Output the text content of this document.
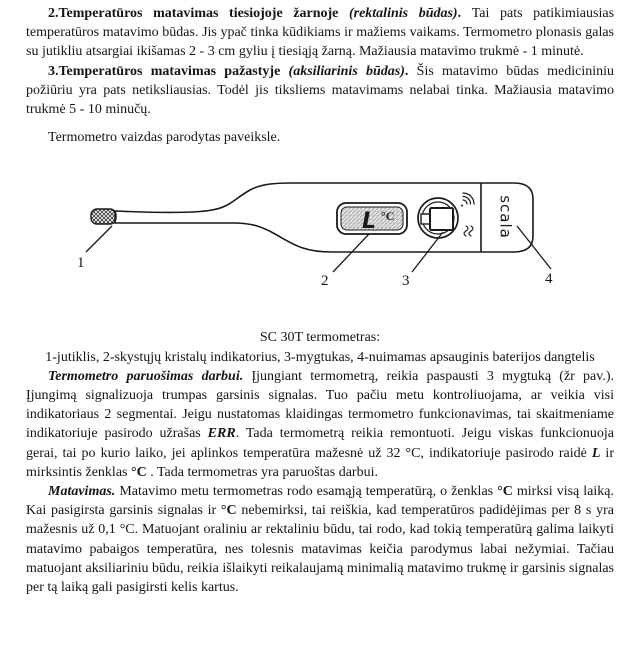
2.Temperatūros matavimas tiesiojoje žarnoje (rektalinis būdas). Tai pats patikimiausias temperatūros matavimo būdas. Jis ypač tinka kūdikiams ir mažiems vaikams. Termometro plonasis galas su jutikliu atsargiai ikišamas 2 - 3 cm gyliu į tiesiąją žarną. Mažiausia matavimo trukmė - 1 minutė.

3.Temperatūros matavimas pažastyje (aksiliarinis būdas). Šis matavimo būdas medicininiu požiūriu yra pats netiksliausias. Todėl jis tiksliems matavimams nelabai tinka. Mažiausia matavimo trukmė 5 - 10 minučų.

Termometro vaizdas parodytas paveiksle.

L °C	scala
1
2	3	4
SC 30T termometras:
1-jutiklis, 2-skystųjų kristalų indikatorius, 3-mygtukas, 4-nuimamas apsauginis baterijos dangtelis

Termometro paruošimas darbui. Įjungiant termometrą, reikia paspausti 3 mygtuką (žr pav.). Įjungimą signalizuoja trumpas garsinis signalas. Tuo pačiu metu kontroliuojama, ar veikia visi indikatoriaus 2 segmentai. Jeigu nustatomas klaidingas termometro funkcionavimas, tai skaitmeniame indikatoriuje pasirodo užrašas ERR. Tada termometrą reikia remontuoti. Jeigu viskas funkcionuoja gerai, tai po kurio laiko, jei aplinkos temperatūra mažesnė už 32 °C, indikatoriuje pasirodo raidė L ir mirksintis ženklas °C . Tada termometras yra paruoštas darbui.

Matavimas. Matavimo metu termometras rodo esamąją temperatūrą, o ženklas °C mirksi visą laiką. Kai pasigirsta garsinis signalas ir °C nebemirksi, tai reiškia, kad temperatūros padidėjimas per 8 s yra mažesnis už 0,1 °C. Matuojant oraliniu ar rektaliniu būdu, tai rodo, kad tokią temperatūrą galima laikyti matavimo pabaigos temperatūra, nes tolesnis matavimas keičia parodymus labai nežymiai. Tačiau matuojant aksiliariniu būdu, reikia išlaikyti reikalaujamą minimalią matavimo trukmę ir garsinis signalas per tą laiką gali pasigirsti kelis kartus.
